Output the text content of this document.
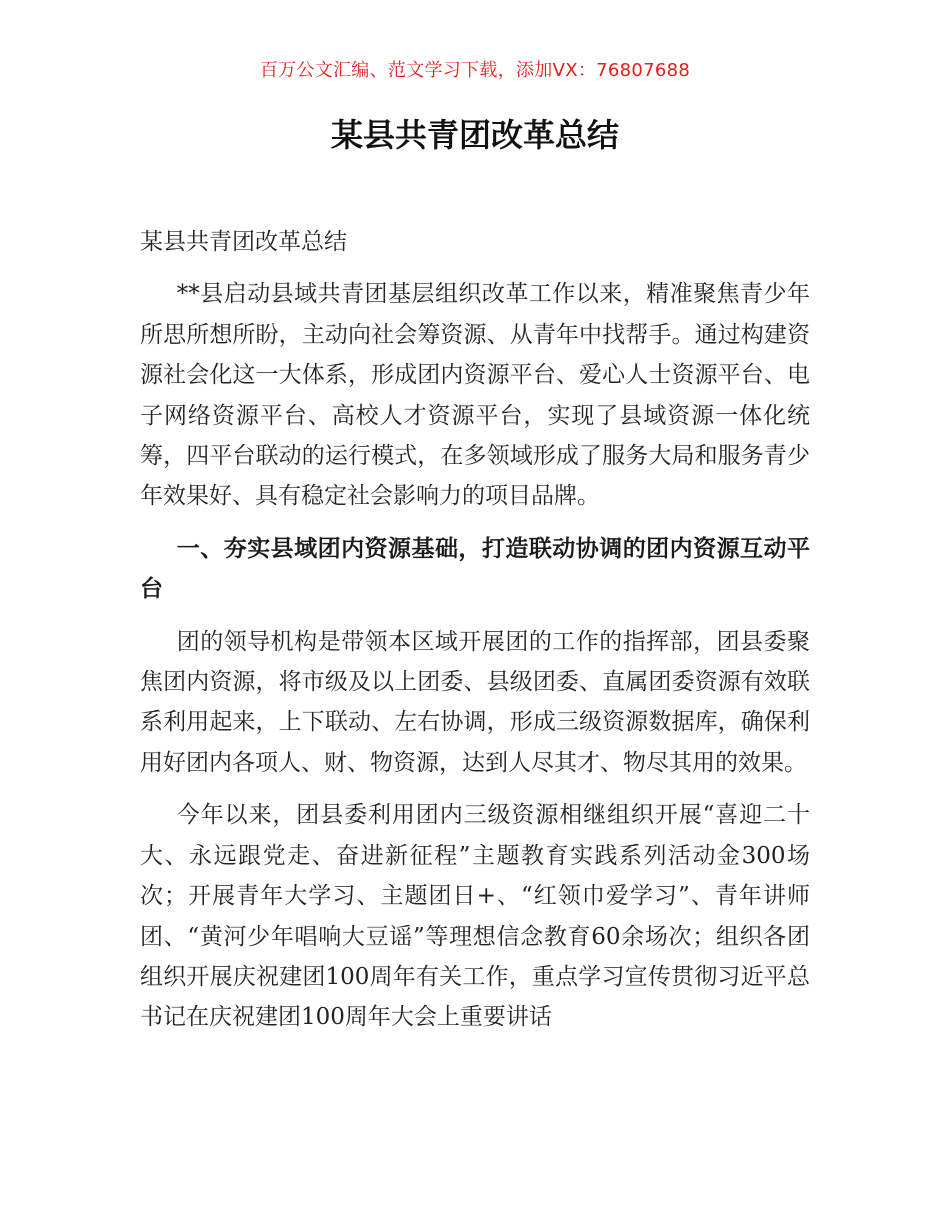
百万公文汇编、范文学习下载，添加VX：76807688
某县共青团改革总结

某县共青团改革总结

**县启动县域共青团基层组织改革工作以来，精准聚焦青少年所思所想所盼，主动向社会筹资源、从青年中找帮手。通过构建资源社会化这一大体系，形成团内资源平台、爱心人士资源平台、电子网络资源平台、高校人才资源平台，实现了县域资源一体化统筹，四平台联动的运行模式，在多领域形成了服务大局和服务青少年效果好、具有稳定社会影响力的项目品牌。

一、夯实县域团内资源基础，打造联动协调的团内资源互动平台

团的领导机构是带领本区域开展团的工作的指挥部，团县委聚焦团内资源，将市级及以上团委、县级团委、直属团委资源有效联系利用起来，上下联动、左右协调，形成三级资源数据库，确保利用好团内各项人、财、物资源，达到人尽其才、物尽其用的效果。

今年以来，团县委利用团内三级资源相继组织开展“喜迎二十大、永远跟党走、奋进新征程”主题教育实践系列活动金300场次；开展青年大学习、主题团日+、“红领巾爱学习”、青年讲师团、“黄河少年唱响大豆谣”等理想信念教育60余场次；组织各团组织开展庆祝建团100周年有关工作，重点学习宣传贯彻习近平总书记在庆祝建团100周年大会上重要讲话
